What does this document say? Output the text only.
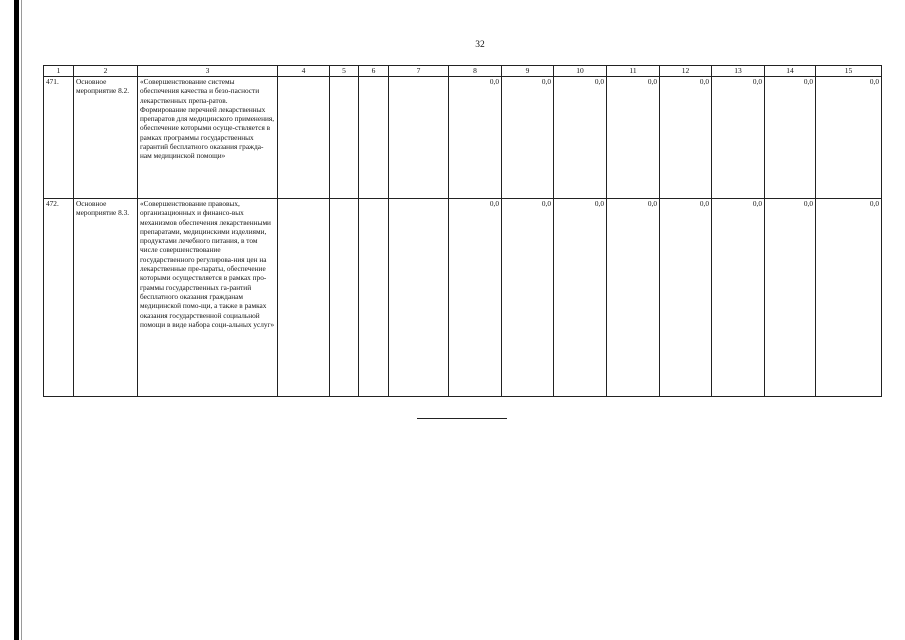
32
1	2	3	4	5	6	7	8	9	10	11	12	13	14	15
471.	Основное мероприятие 8.2.	«Совершенствование системы обеспечения качества и безо-пасности лекарственных препа-ратов. Формирование перечней лекарственных препаратов для медицинского применения, обеспечение которыми осуще-ствляется в рамках программы государственных гарантий бесплатного оказания гражда-нам медицинской помощи»					0,0	0,0	0,0	0,0	0,0	0,0	0,0	0,0
472.	Основное мероприятие 8.3.	«Совершенствование правовых, организационных и финансо-вых механизмов обеспечения лекарственными препаратами, медицинскими изделиями, продуктами лечебного питания, в том числе совершенствование государственного регулирова-ния цен на лекарственные пре-параты, обеспечение которыми осуществляется в рамках про-граммы государственных га-рантий бесплатного оказания гражданам медицинской помо-щи, а также в рамках оказания государственной социальной помощи в виде набора соци-альных услуг»					0,0	0,0	0,0	0,0	0,0	0,0	0,0	0,0
